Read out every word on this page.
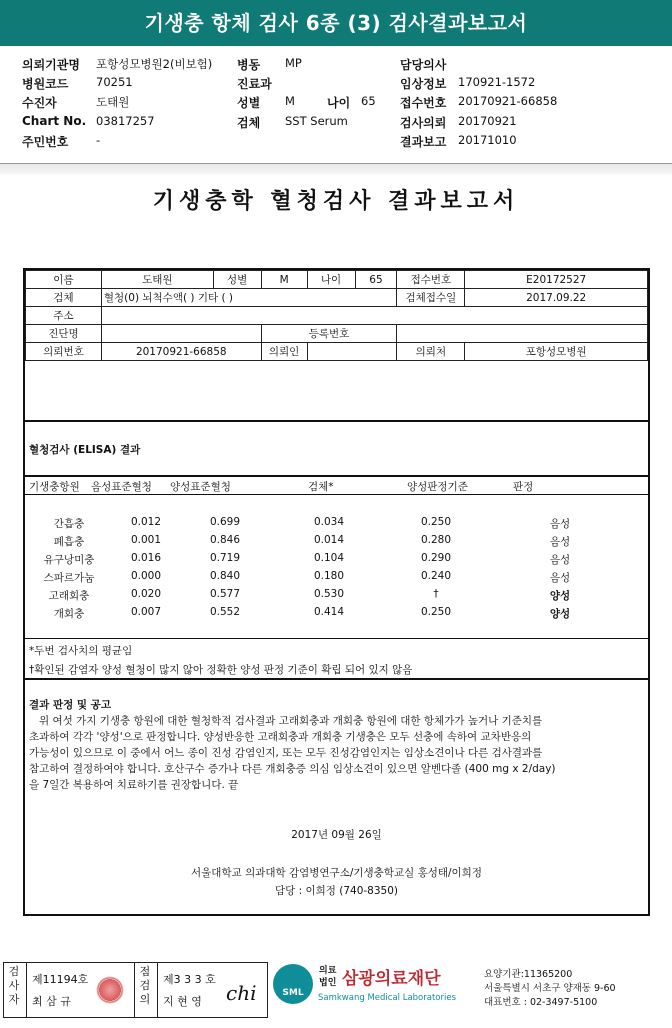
기생충 항체 검사 6종 (3) 검사결과보고서
의뢰기관명 포항성모병원2(비보험) 병동 MP	담당의사
병원코드 70251	진료과	임상정보 170921-1572
수진자	도태원	성별 M	나이 65 접수번호 20170921-66858
Chart No. 03817257	검체 SST Serum	검사의뢰 20170921
주민번호 -	결과보고 20171010
기생충학 혈청검사 결과보고서
이름	도태원	성별	M	나이	65	접수번호	E20172527
검체	혈청(0) 뇌척수액( ) 기타 ( )					검체접수일	2017.09.22
주소							
진단명			등록번호				
의뢰번호	20170921-66858		의뢰인			의뢰처	포항성모병원
혈청검사 (ELISA) 결과
기생충항원 음성표준혈청 양성표준혈청	검체*	양성판정기준	판정
간흡충	0.012	0.699	0.034	0.250	음성
폐흡충	0.001	0.846	0.014	0.280	음성
유구낭미충	0.016	0.719	0.104	0.290	음성
스파르가눔	0.000	0.840	0.180	0.240	음성
고래회충	0.020	0.577	0.530	†	양성
개회충	0.007	0.552	0.414	0.250	양성
*두번 검사치의 평균임
†확인된 감염자 양성 혈청이 많지 않아 정확한 양성 판정 기준이 확립 되어 있지 않음
결과 판정 및 공고
위 여섯 가지 기생충 항원에 대한 혈청학적 검사결과 고래회충과 개회충 항원에 대한 항체가가 높거나 기준치를
초과하여 각각 '양성'으로 판정합니다. 양성반응한 고래회충과 개회충 기생충은 모두 선충에 속하여 교차반응의
가능성이 있으므로 이 중에서 어느 종이 진성 감염인지, 또는 모두 진성감염인지는 임상소견이나 다른 검사결과를
참고하여 결정하여야 합니다. 호산구수 증가나 다른 개회충증 의심 임상소견이 있으면 알벤다졸 (400 mg x 2/day)
을 7일간 복용하여 치료하기를 권장합니다. 끝
2017년 09월 26일
서울대학교 의과대학 감염병연구소/기생충학교실 홍성태/이희정
담당 : 이희정 (740-8350)
검사자
제11194호
최 삼 규
점검의
제3 3 3 호
지 현 영 chi	SML
의료
법인 삼광의료재단
Samkwang Medical Laboratories
요양기관:11365200
서울특별시 서초구 양재동 9-60
대표번호 : 02-3497-5100
